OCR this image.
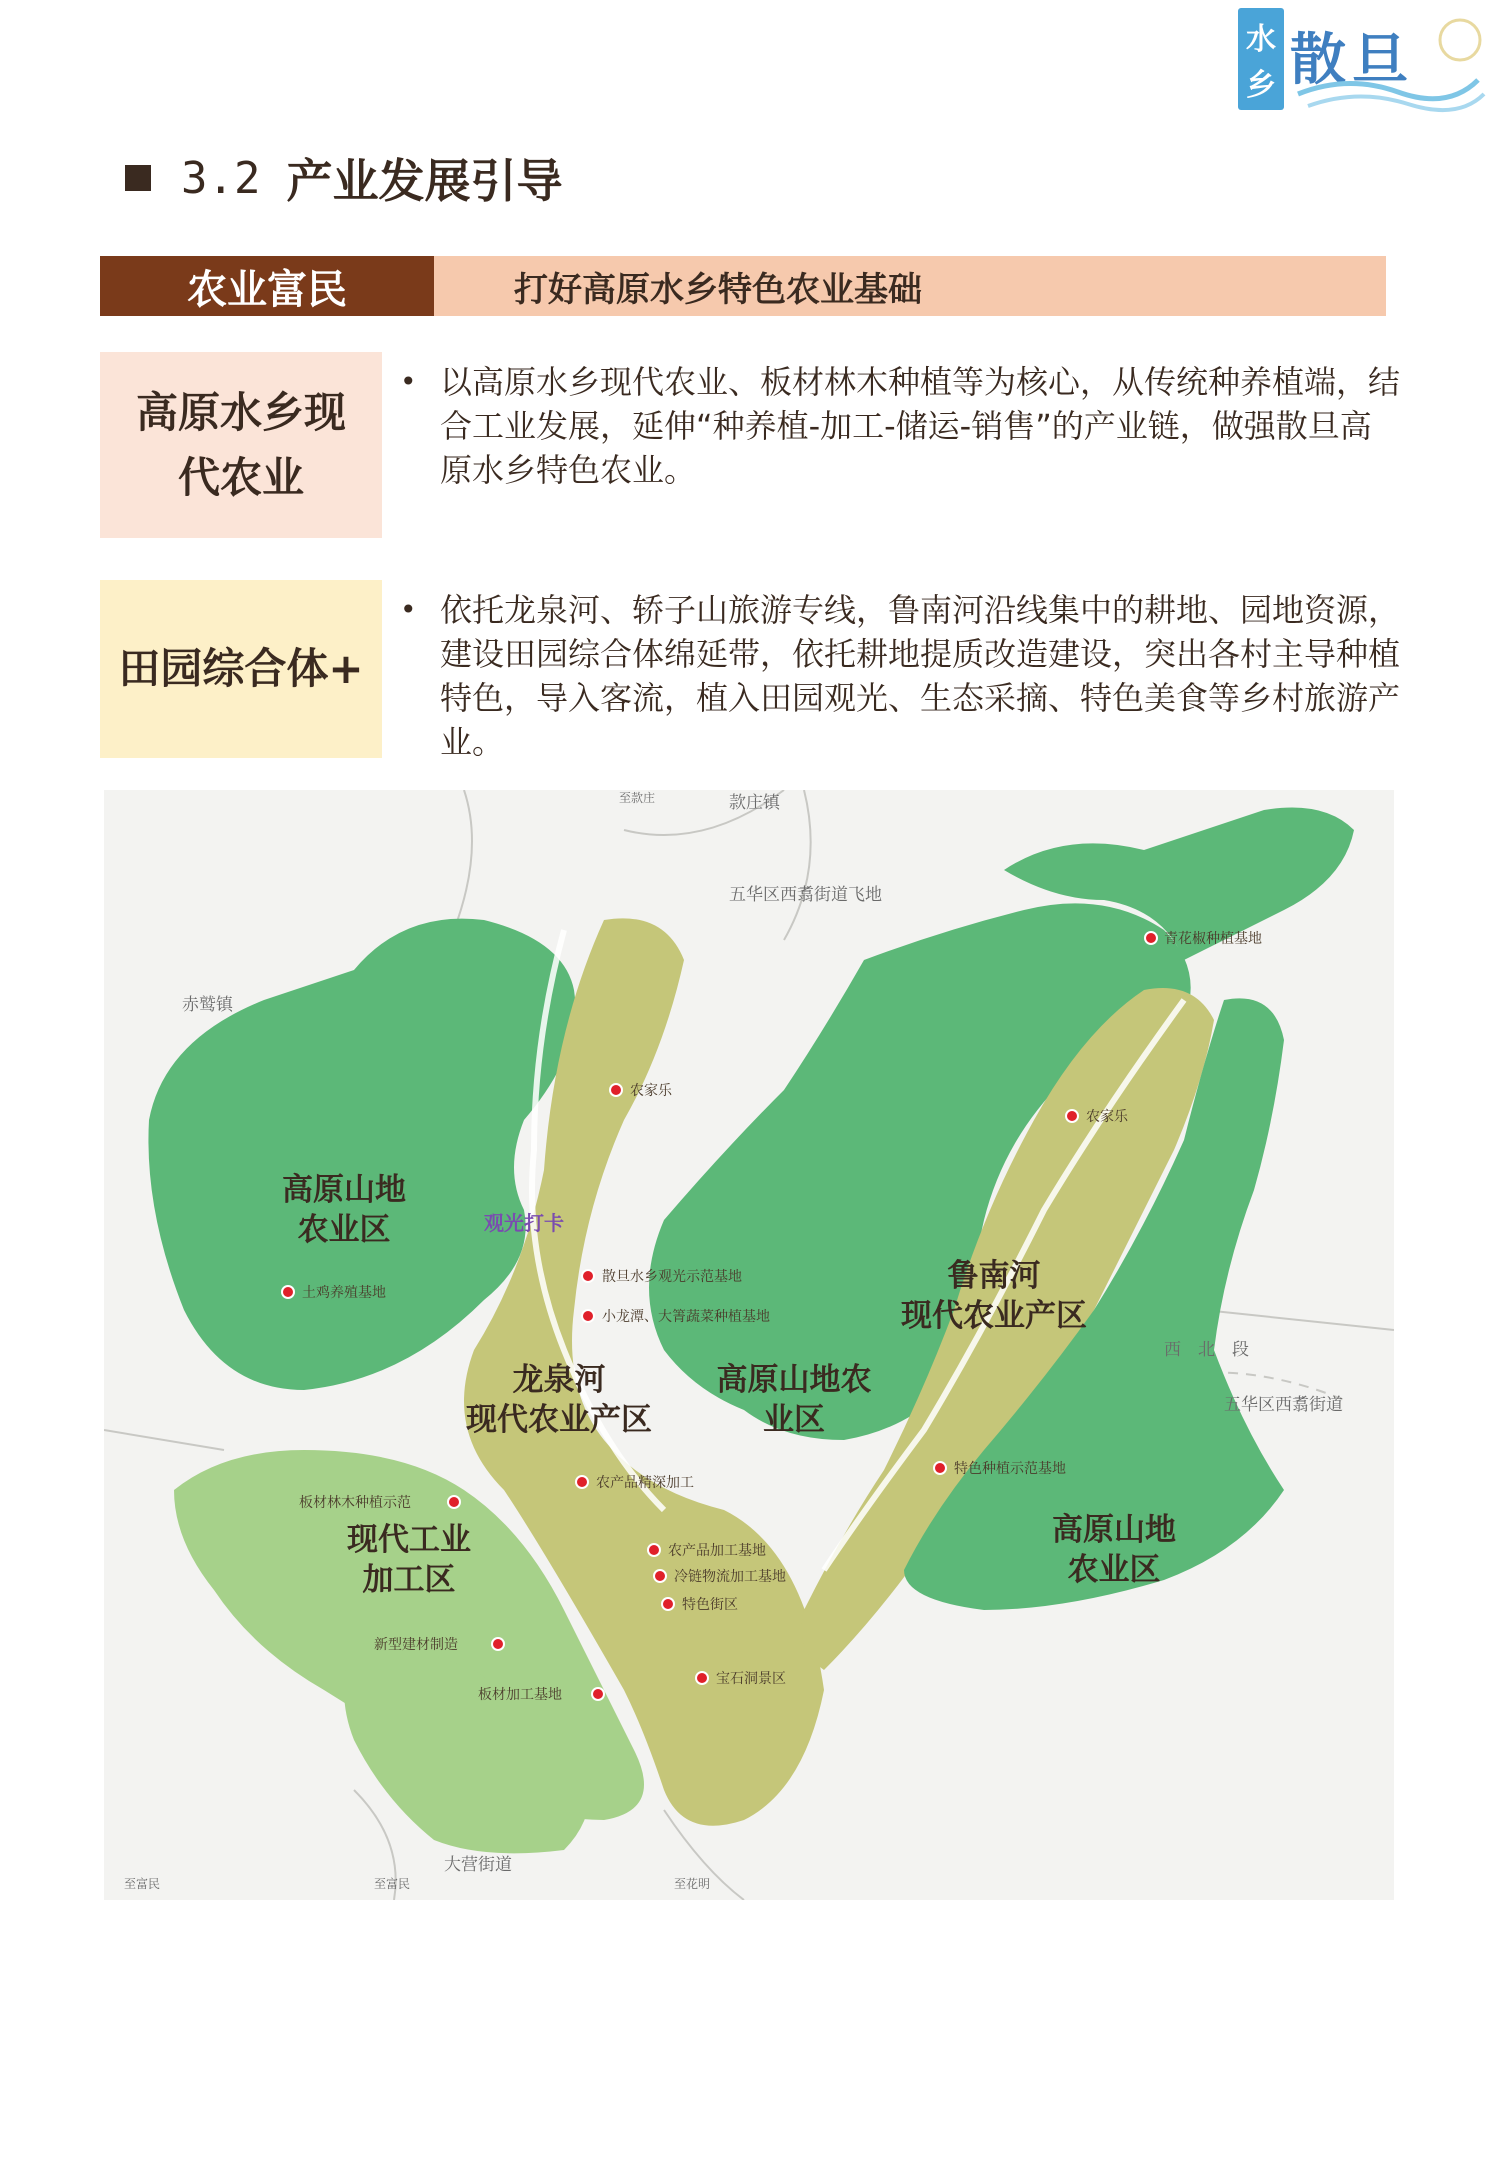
水
乡 散旦
3.2 产业发展引导
农业富民	打好高原水乡特色农业基础
高原水乡现
代农业
• 以高原水乡现代农业、板材林木种植等为核心，从传统种养植端，结合工业发展，延伸“种养植-加工-储运-销售”的产业链，做强散旦高原水乡特色农业。
田园综合体+
• 依托龙泉河、轿子山旅游专线，鲁南河沿线集中的耕地、园地资源，建设田园综合体绵延带，依托耕地提质改造建设，突出各村主导种植特色，导入客流，植入田园观光、生态采摘、特色美食等乡村旅游产业。
款庄镇
五华区西翥街道飞地
赤鹫镇
五华区西翥街道
大营街道
西　北　段
至富民	至富民	至花明
至款庄
高原山地
农业区
龙泉河
现代农业产区
高原山地农
业区
鲁南河
现代农业产区
现代工业
加工区
高原山地
农业区
观光打卡
青花椒种植基地
农家乐
农家乐
土鸡养殖基地
散旦水乡观光示范基地
小龙潭、大箐蔬菜种植基地
农产品精深加工
板材林木种植示范
农产品加工基地
冷链物流加工基地
特色街区
板材加工基地
新型建材制造
宝石洞景区
特色种植示范基地
